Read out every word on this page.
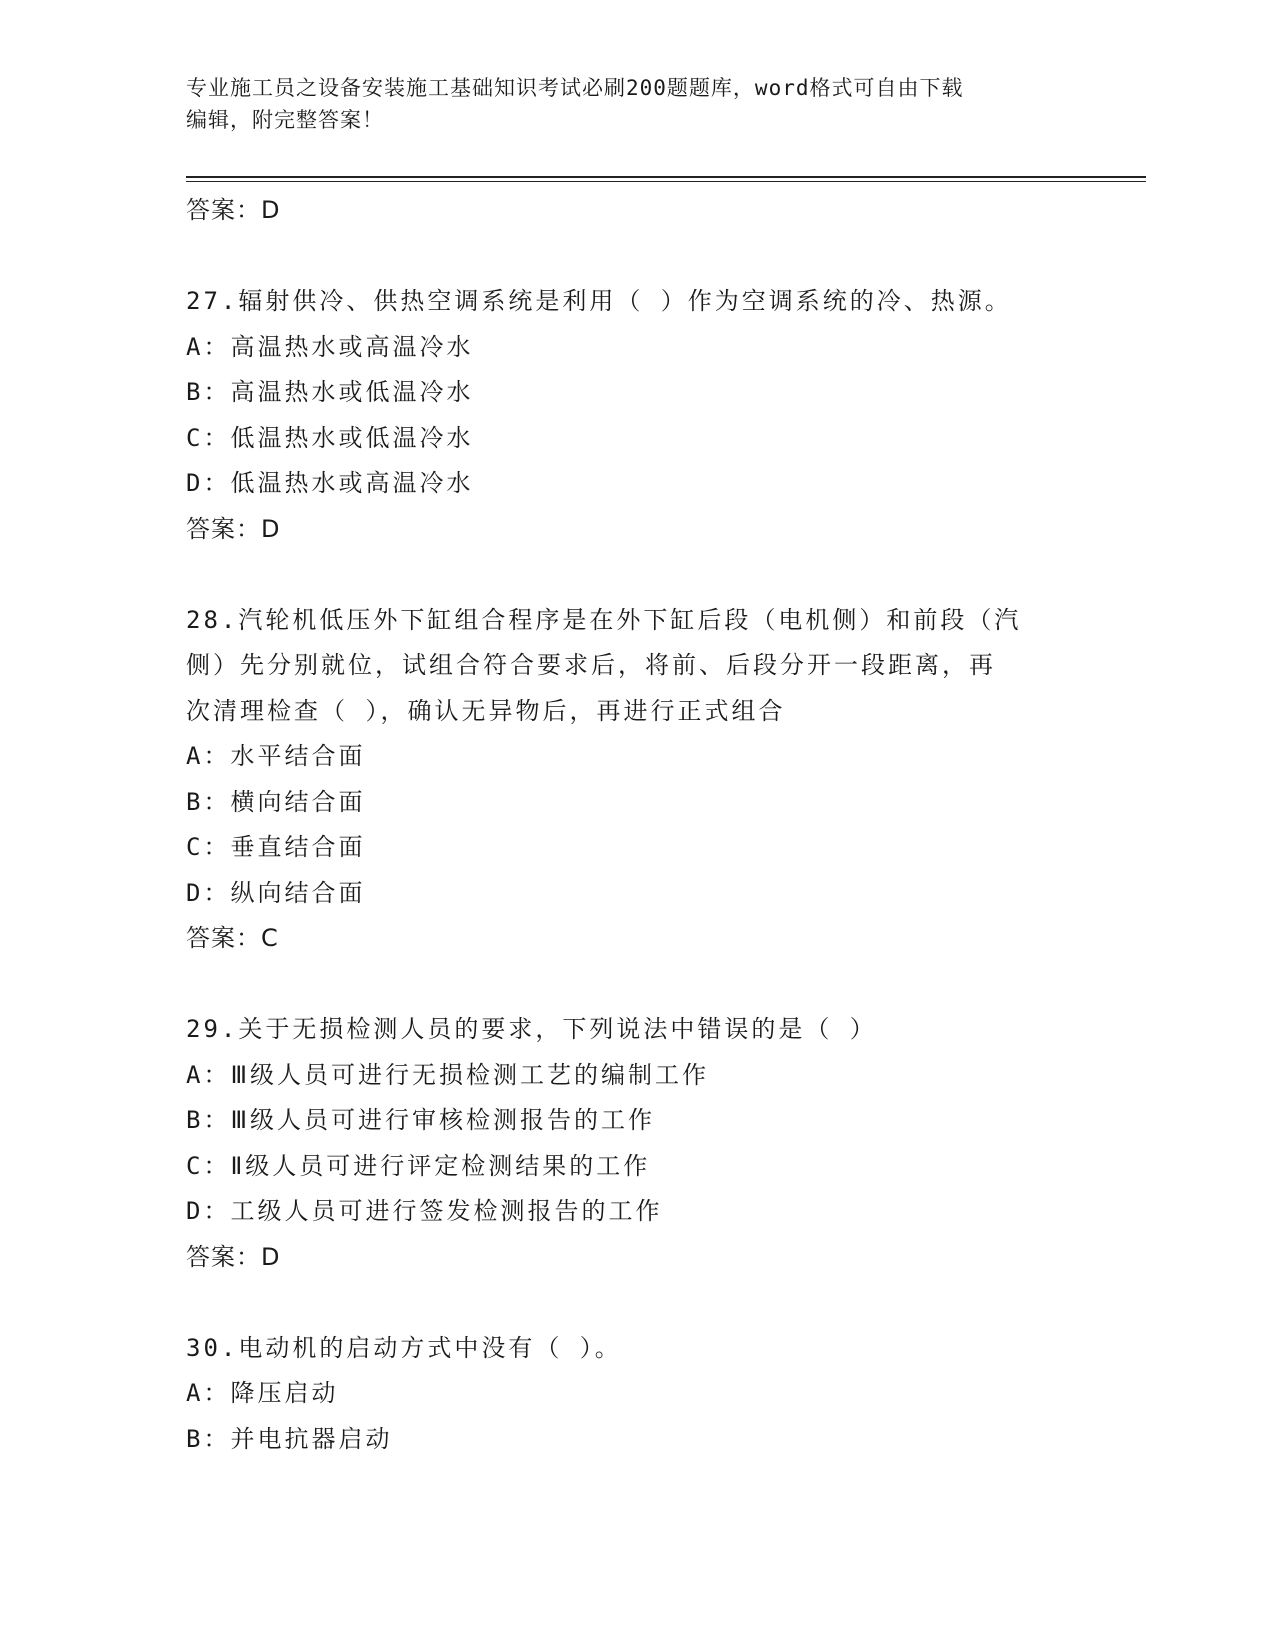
专业施工员之设备安装施工基础知识考试必刷200题题库，word格式可自由下载
编辑，附完整答案！
答案：D
27.辐射供冷、供热空调系统是利用（ ）作为空调系统的冷、热源。
A：高温热水或高温冷水
B：高温热水或低温冷水
C：低温热水或低温冷水
D：低温热水或高温冷水
答案：D
28.汽轮机低压外下缸组合程序是在外下缸后段（电机侧）和前段（汽
侧）先分别就位，试组合符合要求后，将前、后段分开一段距离，再
次清理检查（ ），确认无异物后，再进行正式组合
A：水平结合面
B：横向结合面
C：垂直结合面
D：纵向结合面
答案：C
29.关于无损检测人员的要求，下列说法中错误的是（ ）
A：Ⅲ级人员可进行无损检测工艺的编制工作
B：Ⅲ级人员可进行审核检测报告的工作
C：Ⅱ级人员可进行评定检测结果的工作
D：工级人员可进行签发检测报告的工作
答案：D
30.电动机的启动方式中没有（ ）。
A：降压启动
B：并电抗器启动
